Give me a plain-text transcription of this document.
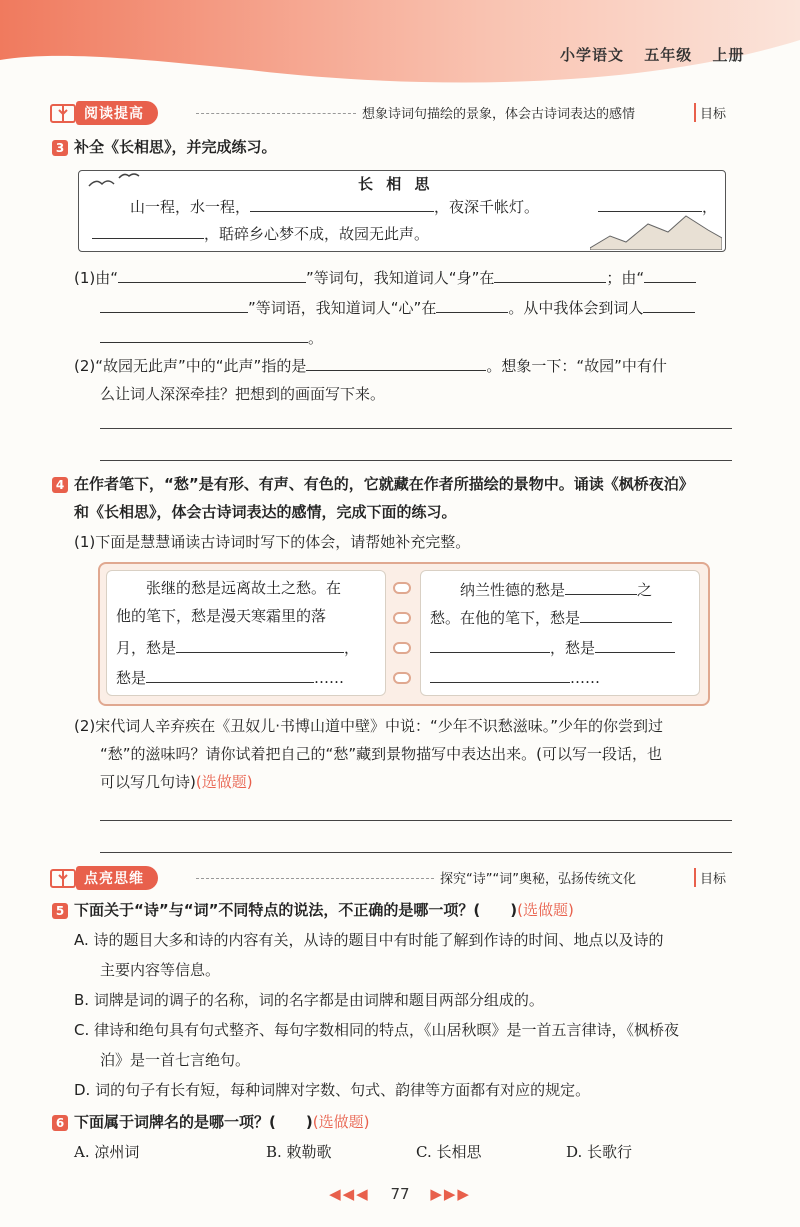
小学语文 五年级 上册
阅读提高	想象诗词句描绘的景象，体会古诗词表达的感情	目标
3 补全《长相思》，并完成练习。
长 相 思
山一程，水一程，	，夜深千帐灯。	，
，聒碎乡心梦不成，故园无此声。
(1)由“	”等词句，我知道词人“身”在	；由“
”等词语，我知道词人“心”在	。从中我体会到词人
。
(2)“故园无此声”中的“此声”指的是	。想象一下：“故园”中有什
么让词人深深牵挂？把想到的画面写下来。
4 在作者笔下，“愁”是有形、有声、有色的，它就藏在作者所描绘的景物中。诵读《枫桥夜泊》
和《长相思》，体会古诗词表达的感情，完成下面的练习。
(1)下面是慧慧诵读古诗词时写下的体会，请帮她补充完整。
张继的愁是远离故土之愁。在
他的笔下，愁是漫天寒霜里的落
月，愁是	，
愁是	……
纳兰性德的愁是	之
愁。在他的笔下，愁是
，愁是
……
(2)宋代词人辛弃疾在《丑奴儿·书博山道中壁》中说：“少年不识愁滋味。”少年的你尝到过
“愁”的滋味吗？请你试着把自己的“愁”藏到景物描写中表达出来。(可以写一段话，也
可以写几句诗)(选做题)
点亮思维	探究“诗”“词”奥秘，弘扬传统文化	目标
5 下面关于“诗”与“词”不同特点的说法，不正确的是哪一项？(　　)(选做题)
A. 诗的题目大多和诗的内容有关，从诗的题目中有时能了解到作诗的时间、地点以及诗的
主要内容等信息。
B. 词牌是词的调子的名称，词的名字都是由词牌和题目两部分组成的。
C. 律诗和绝句具有句式整齐、每句字数相同的特点，《山居秋暝》是一首五言律诗，《枫桥夜
泊》是一首七言绝句。
D. 词的句子有长有短，每种词牌对字数、句式、韵律等方面都有对应的规定。
6 下面属于词牌名的是哪一项？(　　)(选做题)
A. 凉州词	B. 敕勒歌	C. 长相思	D. 长歌行
◀◀◀ 77 ▶▶▶
